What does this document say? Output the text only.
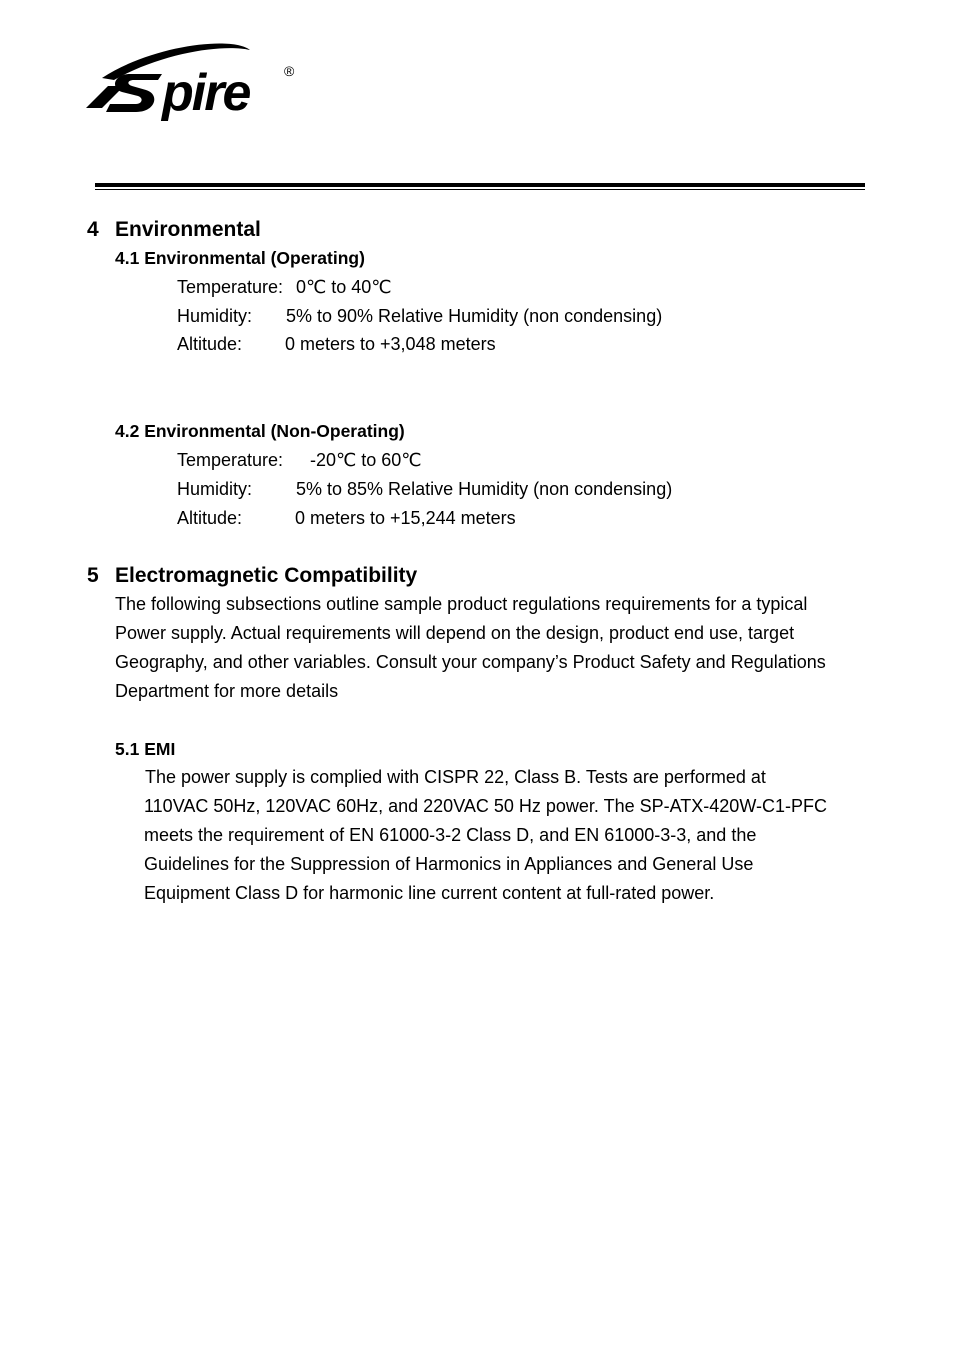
pire ®
4 Environmental
4.1 Environmental (Operating)
Temperature: 0℃ to 40℃
Humidity: 5% to 90% Relative Humidity (non condensing)
Altitude: 0 meters to +3,048 meters
4.2 Environmental (Non-Operating)
Temperature: -20℃ to 60℃
Humidity: 5% to 85% Relative Humidity (non condensing)
Altitude:	0 meters to +15,244 meters
5 Electromagnetic Compatibility
The following subsections outline sample product regulations requirements for a typical
Power supply. Actual requirements will depend on the design, product end use, target
Geography, and other variables. Consult your company’s Product Safety and Regulations
Department for more details
5.1 EMI
The power supply is complied with CISPR 22, Class B. Tests are performed at
110VAC 50Hz, 120VAC 60Hz, and 220VAC 50 Hz power. The SP-ATX-420W-C1-PFC
meets the requirement of EN 61000-3-2 Class D, and EN 61000-3-3, and the
Guidelines for the Suppression of Harmonics in Appliances and General Use
Equipment Class D for harmonic line current content at full-rated power.
